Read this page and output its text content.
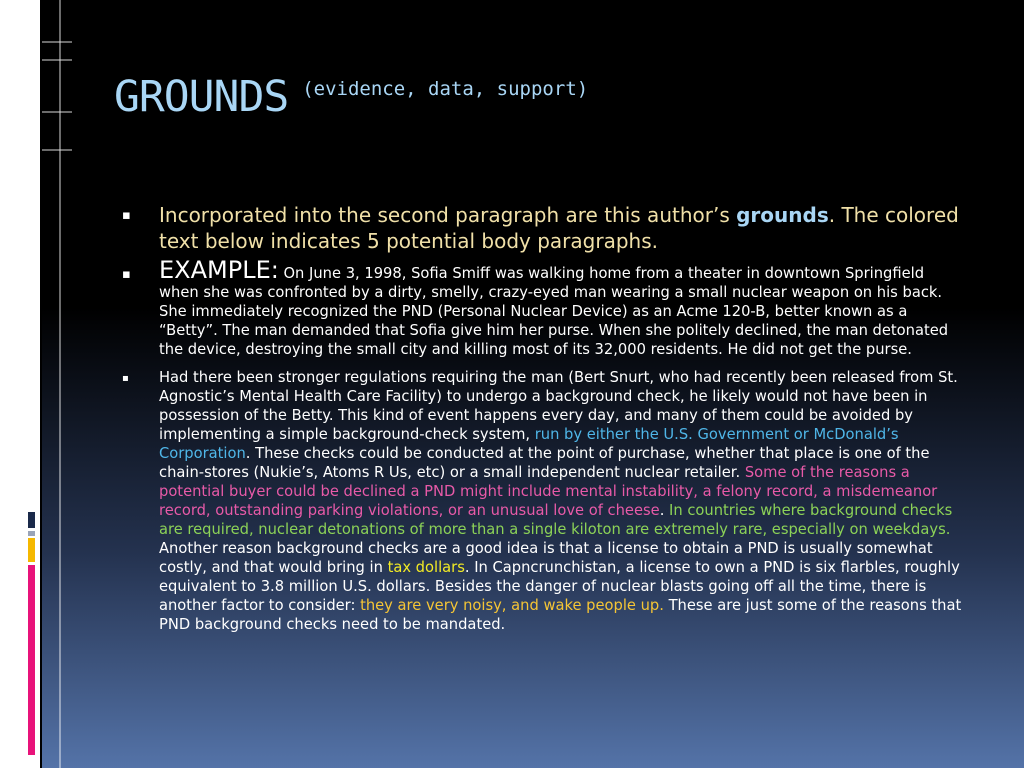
GROUNDS (evidence, data, support)
▪ Incorporated into the second paragraph are this author’s grounds. The colored text below indicates 5 potential body paragraphs.
▪ EXAMPLE: On June 3, 1998, Sofia Smiff was walking home from a theater in downtown Springfield when she was confronted by a dirty, smelly, crazy-eyed man wearing a small nuclear weapon on his back. She immediately recognized the PND (Personal Nuclear Device) as an Acme 120-B, better known as a “Betty”. The man demanded that Sofia give him her purse. When she politely declined, the man detonated the device, destroying the small city and killing most of its 32,000 residents. He did not get the purse.
▪ Had there been stronger regulations requiring the man (Bert Snurt, who had recently been released from St. Agnostic’s Mental Health Care Facility) to undergo a background check, he likely would not have been in possession of the Betty. This kind of event happens every day, and many of them could be avoided by implementing a simple background-check system, run by either the U.S. Government or McDonald’s Corporation. These checks could be conducted at the point of purchase, whether that place is one of the chain-stores (Nukie’s, Atoms R Us, etc) or a small independent nuclear retailer. Some of the reasons a potential buyer could be declined a PND might include mental instability, a felony record, a misdemeanor record, outstanding parking violations, or an unusual love of cheese. In countries where background checks are required, nuclear detonations of more than a single kiloton are extremely rare, especially on weekdays. Another reason background checks are a good idea is that a license to obtain a PND is usually somewhat costly, and that would bring in tax dollars. In Capncrunchistan, a license to own a PND is six flarbles, roughly equivalent to 3.8 million U.S. dollars. Besides the danger of nuclear blasts going off all the time, there is another factor to consider: they are very noisy, and wake people up. These are just some of the reasons that PND background checks need to be mandated.
